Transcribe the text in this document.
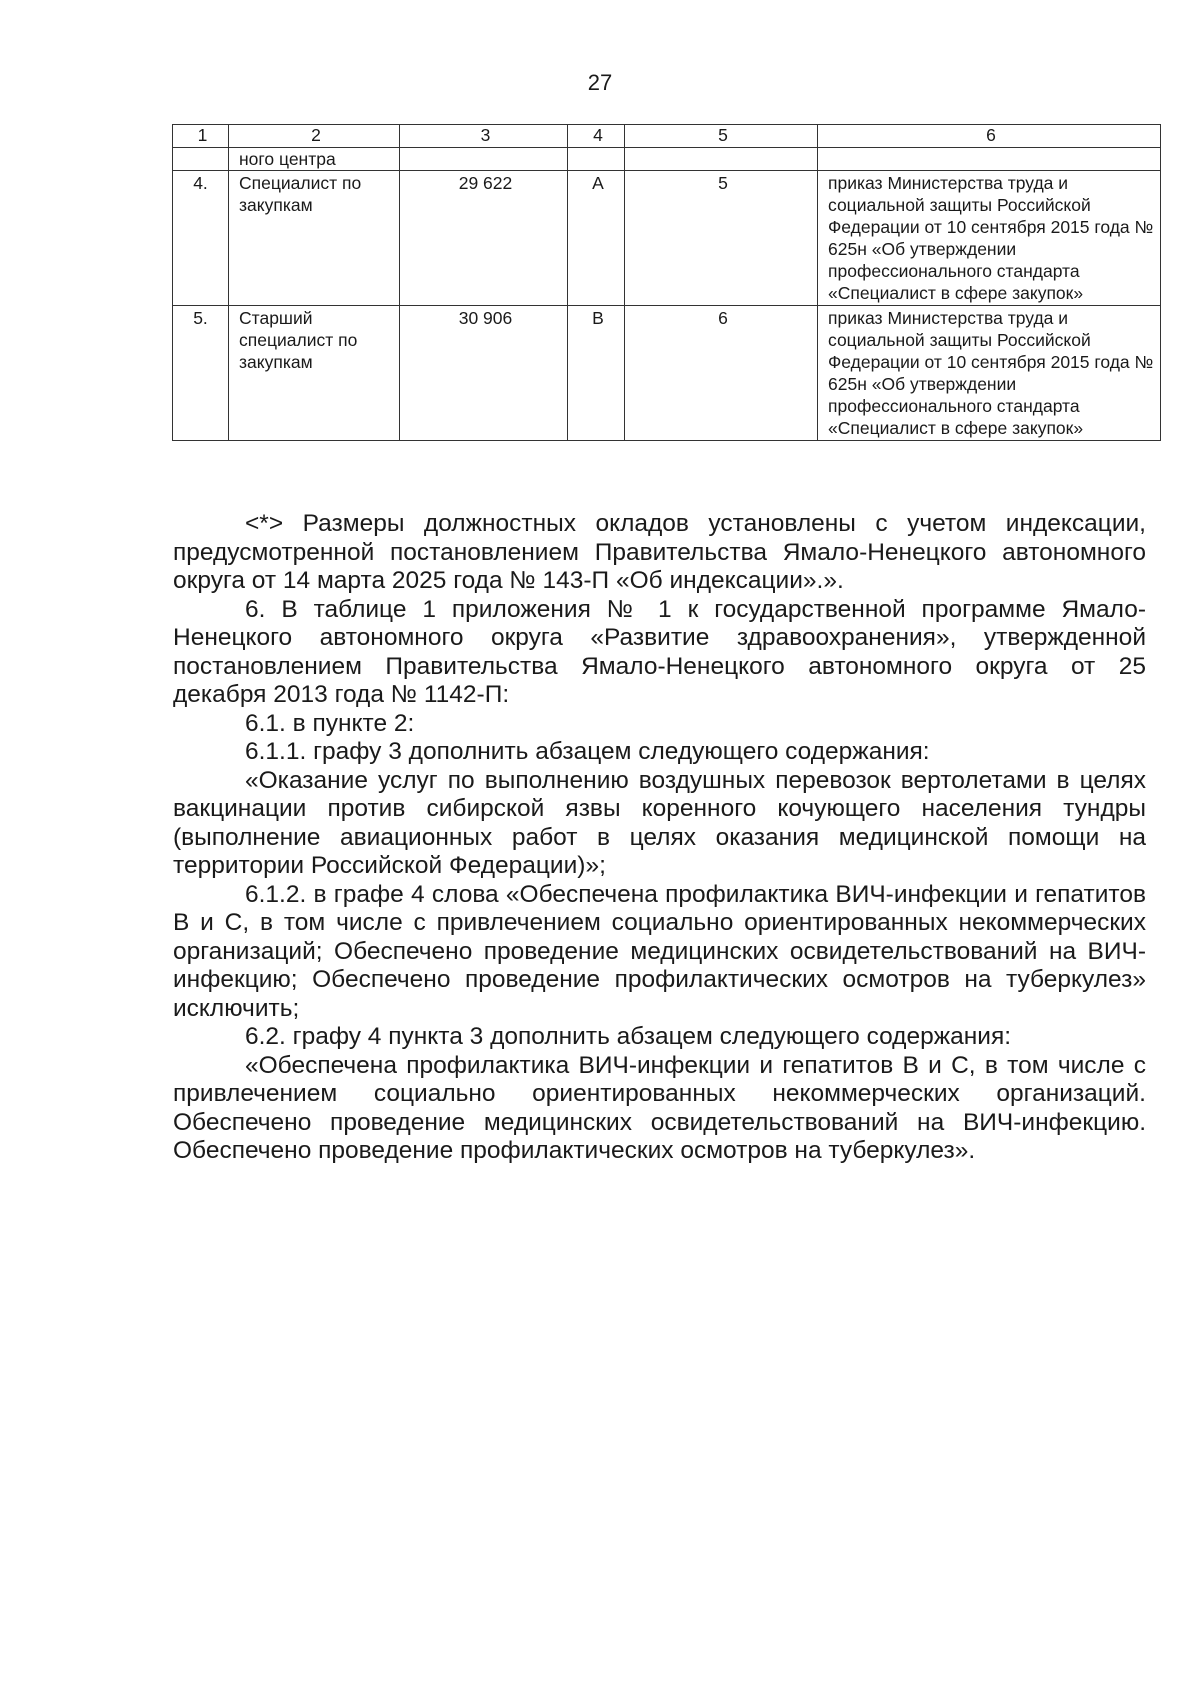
27
1	2	3	4	5	6
	ного центра				
4.	Специалист по закупкам	29 622	А	5	приказ Министерства труда и социальной защиты Российской Федерации от 10 сентября 2015 года № 625н «Об утверждении профессионального стандарта «Специалист в сфере закупок»
5.	Старший специалист по закупкам	30 906	В	6	приказ Министерства труда и социальной защиты Российской Федерации от 10 сентября 2015 года № 625н «Об утверждении профессионального стандарта «Специалист в сфере закупок»

<*> Размеры должностных окладов установлены с учетом индексации, предусмотренной постановлением Правительства Ямало-Ненецкого автономного округа от 14 марта 2025 года № 143-П «Об индексации».».

6. В таблице 1 приложения № 1 к государственной программе Ямало-Ненецкого автономного округа «Развитие здравоохранения», утвержденной постановлением Правительства Ямало-Ненецкого автономного округа от 25 декабря 2013 года № 1142-П:

6.1. в пункте 2:

6.1.1. графу 3 дополнить абзацем следующего содержания:

«Оказание услуг по выполнению воздушных перевозок вертолетами в целях вакцинации против сибирской язвы коренного кочующего населения тундры (выполнение авиационных работ в целях оказания медицинской помощи на территории Российской Федерации)»;

6.1.2. в графе 4 слова «Обеспечена профилактика ВИЧ-инфекции и гепатитов В и С, в том числе с привлечением социально ориентированных некоммерческих организаций; Обеспечено проведение медицинских освидетельствований на ВИЧ-инфекцию; Обеспечено проведение профилактических осмотров на туберкулез» исключить;

6.2. графу 4 пункта 3 дополнить абзацем следующего содержания:

«Обеспечена профилактика ВИЧ-инфекции и гепатитов В и С, в том числе с привлечением социально ориентированных некоммерческих организаций. Обеспечено проведение медицинских освидетельствований на ВИЧ-инфекцию. Обеспечено проведение профилактических осмотров на туберкулез».
